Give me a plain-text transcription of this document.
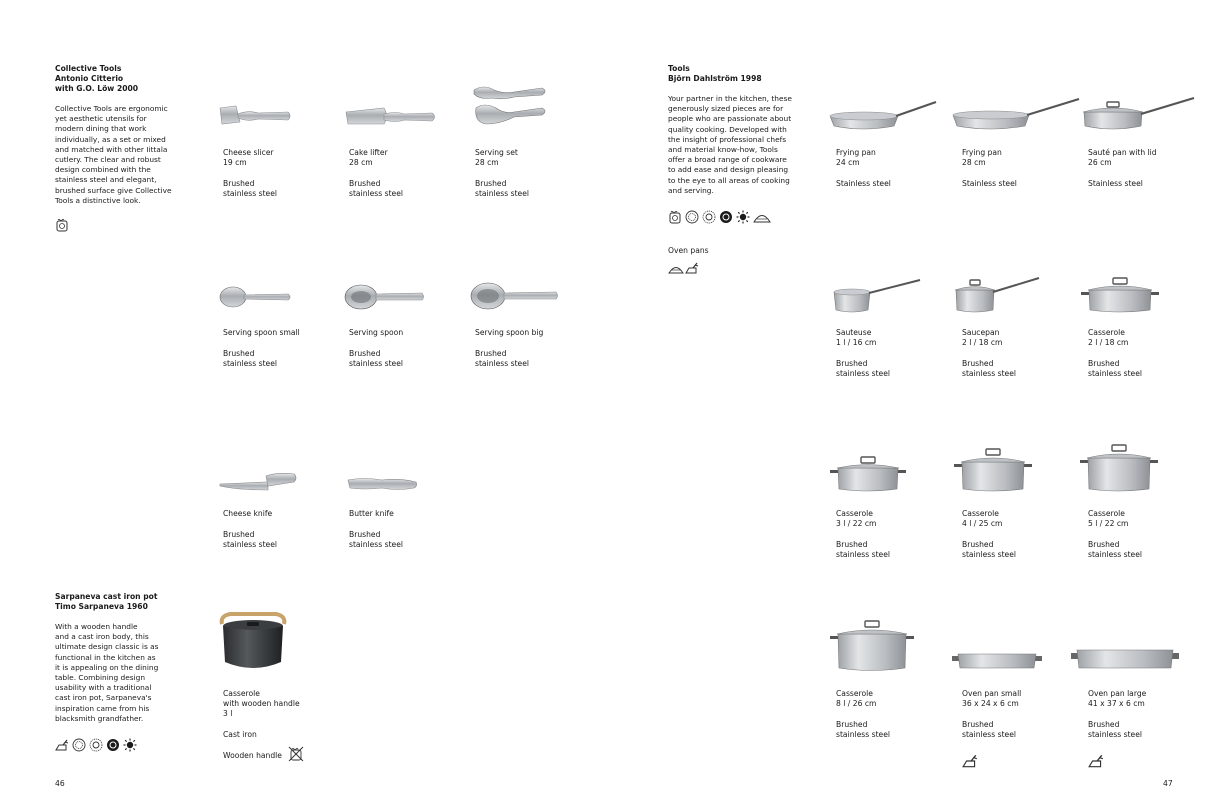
Collective Tools
Antonio Citterio
with G.O. Löw 2000
Collective Tools are ergonomic
yet aesthetic utensils for
modern dining that work
individually, as a set or mixed
and matched with other Iittala
cutlery. The clear and robust
design combined with the
stainless steel and elegant,
brushed surface give Collective
Tools a distinctive look.
Cheese slicer
19 cm
Brushed
stainless steel
Cake lifter
28 cm
Brushed
stainless steel
Serving set
28 cm
Brushed
stainless steel
Serving spoon small
Brushed
stainless steel
Serving spoon
Brushed
stainless steel
Serving spoon big
Brushed
stainless steel
Cheese knife
Brushed
stainless steel
Butter knife
Brushed
stainless steel
Sarpaneva cast iron pot
Timo Sarpaneva 1960
With a wooden handle
and a cast iron body, this
ultimate design classic is as
functional in the kitchen as
it is appealing on the dining
table. Combining design
usability with a traditional
cast iron pot, Sarpaneva's
inspiration came from his
blacksmith grandfather.
Casserole
with wooden handle
3 l
Cast iron
Wooden handle
46
Tools
Björn Dahlström 1998
Your partner in the kitchen, these
generously sized pieces are for
people who are passionate about
quality cooking. Developed with
the insight of professional chefs
and material know-how, Tools
offer a broad range of cookware
to add ease and design pleasing
to the eye to all areas of cooking
and serving.
Oven pans
Frying pan
24 cm
Stainless steel
Frying pan
28 cm
Stainless steel
Sauté pan with lid
26 cm
Stainless steel
Sauteuse
1 l / 16 cm
Brushed
stainless steel
Saucepan
2 l / 18 cm
Brushed
stainless steel
Casserole
2 l / 18 cm
Brushed
stainless steel
Casserole
3 l / 22 cm
Brushed
stainless steel
Casserole
4 l / 25 cm
Brushed
stainless steel
Casserole
5 l / 22 cm
Brushed
stainless steel
Casserole
8 l / 26 cm
Brushed
stainless steel
Oven pan small
36 x 24 x 6 cm
Brushed
stainless steel
Oven pan large
41 x 37 x 6 cm
Brushed
stainless steel
47
